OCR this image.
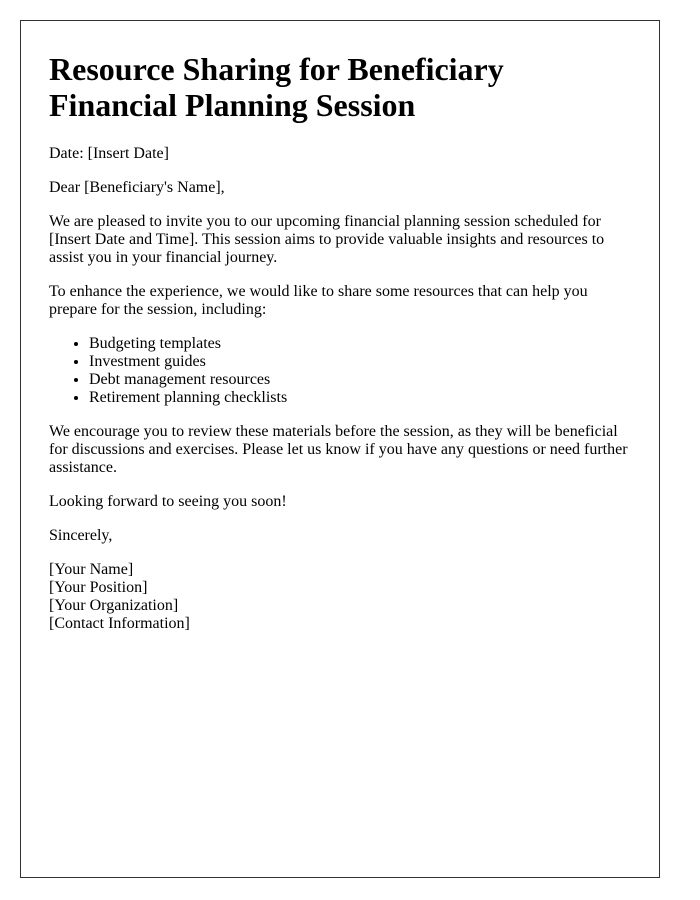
Resource Sharing for Beneficiary Financial Planning Session

Date: [Insert Date]

Dear [Beneficiary's Name],

We are pleased to invite you to our upcoming financial planning session scheduled for [Insert Date and Time]. This session aims to provide valuable insights and resources to assist you in your financial journey.

To enhance the experience, we would like to share some resources that can help you prepare for the session, including:

• Budgeting templates
• Investment guides
• Debt management resources
• Retirement planning checklists

We encourage you to review these materials before the session, as they will be beneficial for discussions and exercises. Please let us know if you have any questions or need further assistance.

Looking forward to seeing you soon!

Sincerely,

[Your Name]
[Your Position]
[Your Organization]
[Contact Information]
